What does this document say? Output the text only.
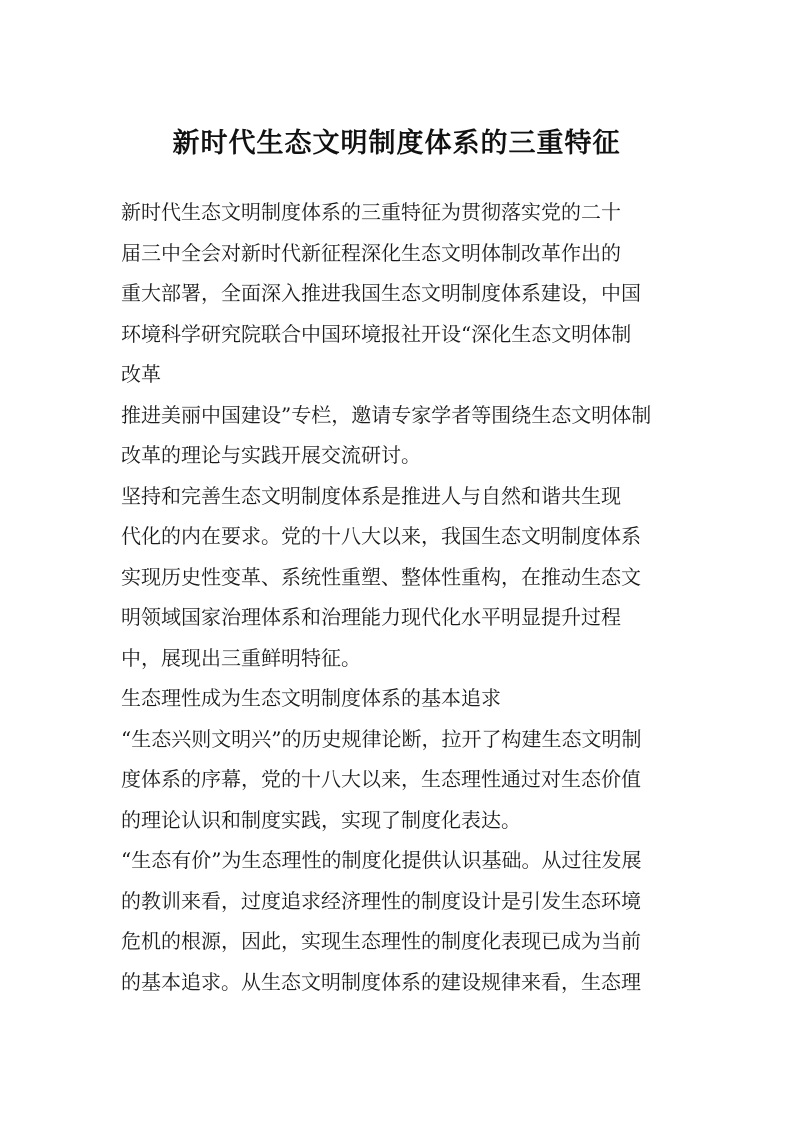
新时代生态文明制度体系的三重特征

新时代生态文明制度体系的三重特征为贯彻落实党的二十
届三中全会对新时代新征程深化生态文明体制改革作出的
重大部署，全面深入推进我国生态文明制度体系建设，中国
环境科学研究院联合中国环境报社开设“深化生态文明体制
改革

推进美丽中国建设”专栏，邀请专家学者等围绕生态文明体制
改革的理论与实践开展交流研讨。

坚持和完善生态文明制度体系是推进人与自然和谐共生现
代化的内在要求。党的十八大以来，我国生态文明制度体系
实现历史性变革、系统性重塑、整体性重构，在推动生态文
明领域国家治理体系和治理能力现代化水平明显提升过程
中，展现出三重鲜明特征。

生态理性成为生态文明制度体系的基本追求

“生态兴则文明兴”的历史规律论断，拉开了构建生态文明制
度体系的序幕，党的十八大以来，生态理性通过对生态价值
的理论认识和制度实践，实现了制度化表达。

“生态有价”为生态理性的制度化提供认识基础。从过往发展
的教训来看，过度追求经济理性的制度设计是引发生态环境
危机的根源，因此，实现生态理性的制度化表现已成为当前
的基本追求。从生态文明制度体系的建设规律来看，生态理
